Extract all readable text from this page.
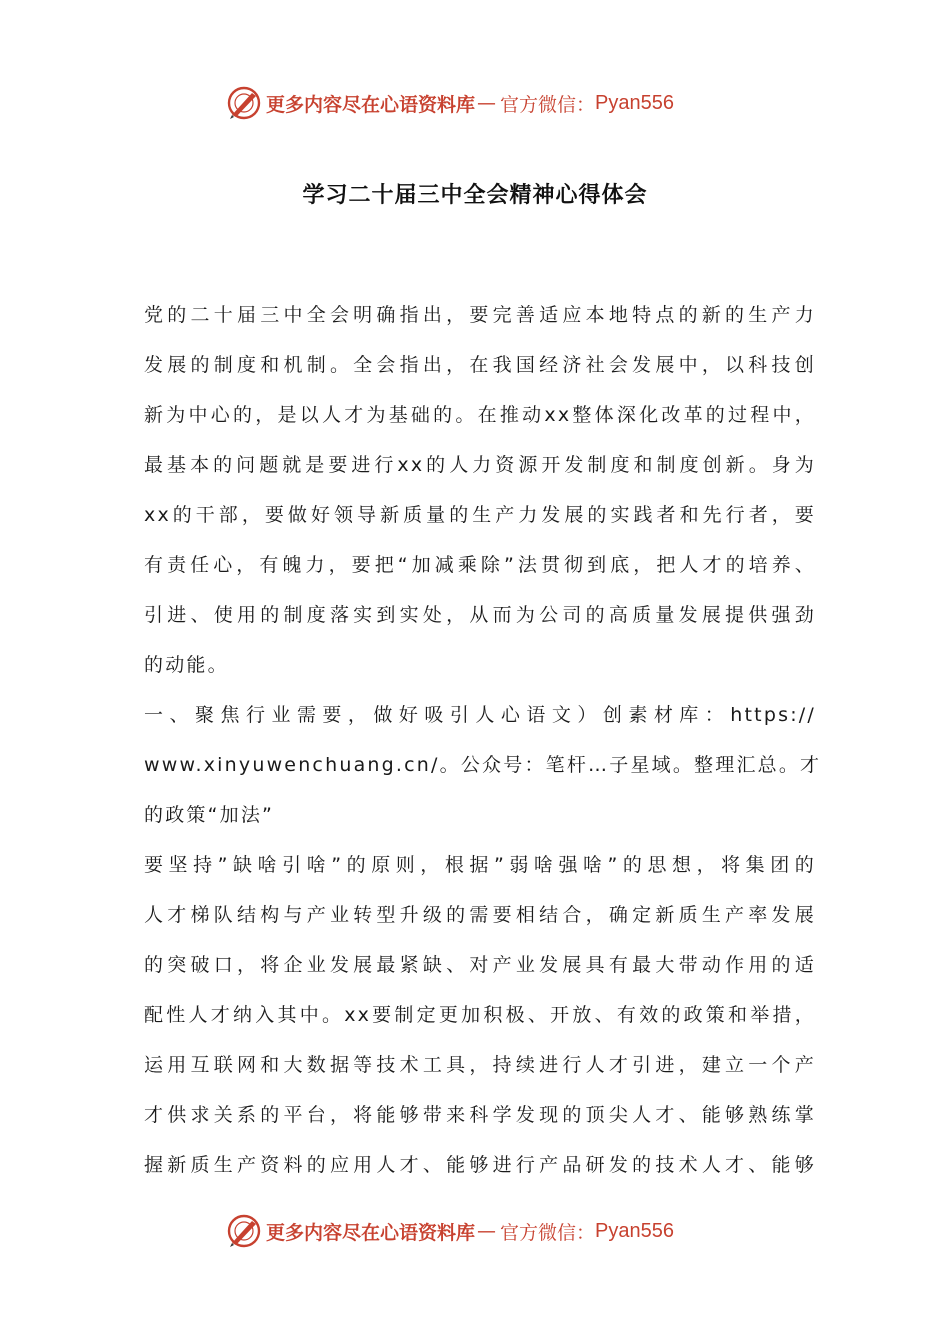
更多内容尽在心语资料库 — 官方微信： Pyan556
学习二十届三中全会精神心得体会
党的二十届三中全会明确指出，要完善适应本地特点的新的生产力
发展的制度和机制。全会指出，在我国经济社会发展中，以科技创
新为中心的，是以人才为基础的。在推动xx整体深化改革的过程中，
最基本的问题就是要进行xx的人力资源开发制度和制度创新。身为
xx的干部，要做好领导新质量的生产力发展的实践者和先行者，要
有责任心，有魄力，要把“加减乘除”法贯彻到底，把人才的培养、
引进、使用的制度落实到实处，从而为公司的高质量发展提供强劲
的动能。
一、聚焦行业需要，做好吸引人心语文）创素材库：https://
www.xinyuwenchuang.cn/。公众号：笔杆…子星域。整理汇总。才
的政策“加法”
要坚持”缺啥引啥”的原则，根据”弱啥强啥”的思想，将集团的
人才梯队结构与产业转型升级的需要相结合，确定新质生产率发展
的突破口，将企业发展最紧缺、对产业发展具有最大带动作用的适
配性人才纳入其中。xx要制定更加积极、开放、有效的政策和举措，
运用互联网和大数据等技术工具，持续进行人才引进，建立一个产
才供求关系的平台，将能够带来科学发现的顶尖人才、能够熟练掌
握新质生产资料的应用人才、能够进行产品研发的技术人才、能够
更多内容尽在心语资料库 — 官方微信： Pyan556
